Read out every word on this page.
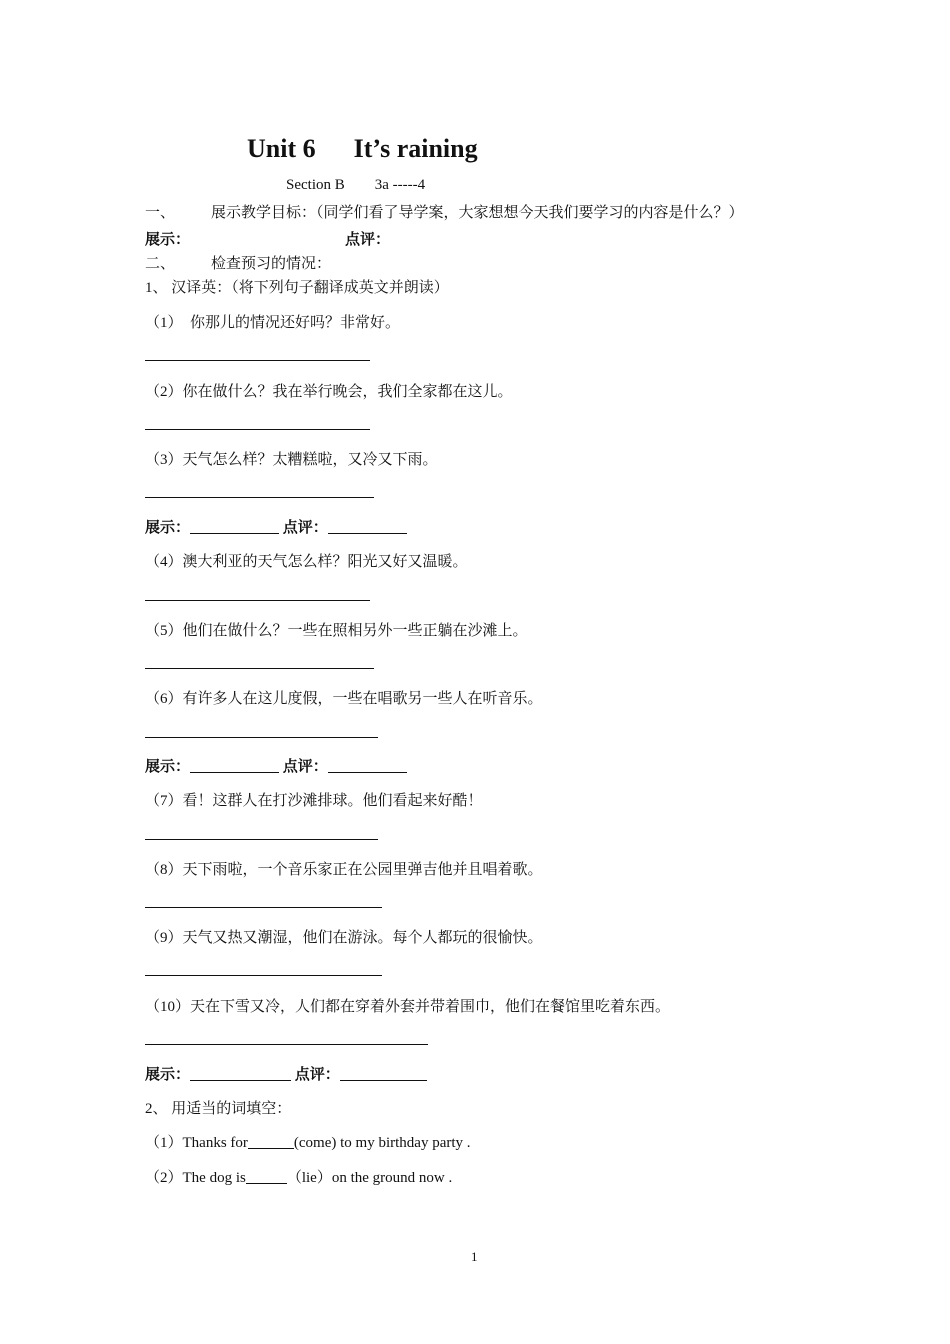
Unit 6 It’s raining
Section B 3a -----4
一、 展示教学目标：（同学们看了导学案，大家想想今天我们要学习的内容是什么？）
展示：	点评：
二、 检查预习的情况：
1、 汉译英：（将下列句子翻译成英文并朗读）
（1）　你那儿的情况还好吗？非常好。
（2）你在做什么？我在举行晚会，我们全家都在这儿。
（3）天气怎么样？太糟糕啦，又冷又下雨。
展示：	点评：
（4）澳大利亚的天气怎么样？阳光又好又温暖。
（5）他们在做什么？一些在照相另外一些正躺在沙滩上。
（6）有许多人在这儿度假，一些在唱歌另一些人在听音乐。
展示：	点评：
（7）看！这群人在打沙滩排球。他们看起来好酷！
（8）天下雨啦，一个音乐家正在公园里弹吉他并且唱着歌。
（9）天气又热又潮湿，他们在游泳。每个人都玩的很愉快。
（10）天在下雪又冷，人们都在穿着外套并带着围巾，他们在餐馆里吃着东西。
展示：	点评：
2、 用适当的词填空：
（1）Thanks for	(come) to my birthday party .
（2）The dog is	（lie）on the ground now .
1
